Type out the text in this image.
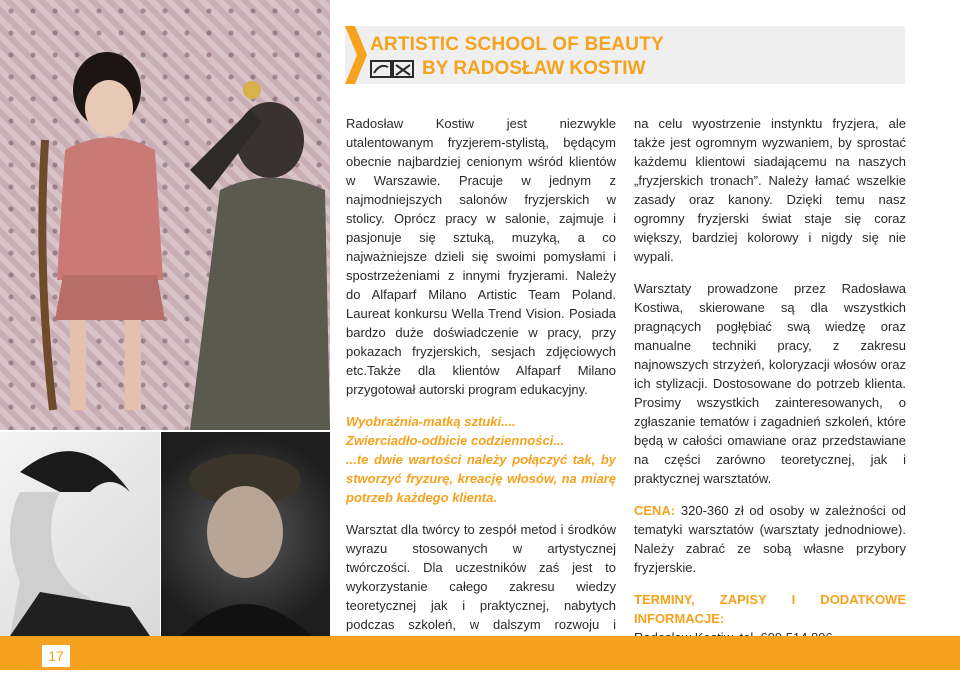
ARTISTIC SCHOOL OF BEAUTY
BY RADOSŁAW KOSTIW

Radosław Kostiw jest niezwykle utalentowanym fryzjerem-stylistą, będącym obecnie najbardziej cenionym wśród klientów w Warszawie. Pracuje w jednym z najmodniejszych salonów fryzjerskich w stolicy. Oprócz pracy w salonie, zajmuje i pasjonuje się sztuką, muzyką, a co najważniejsze dzieli się swoimi pomysłami i spostrzeżeniami z innymi fryzjerami. Należy do Alfaparf Milano Artistic Team Poland. Laureat konkursu Wella Trend Vision. Posiada bardzo duże doświadczenie w pracy, przy pokazach fryzjerskich, sesjach zdjęciowych etc.Także dla klientów Alfaparf Milano przygotował autorski program edukacyjny.

Wyobraźnia-matką sztuki....
Zwierciadło-odbicie codzienności...
...te dwie wartości należy połączyć tak, by stworzyć fryzurę, kreację włosów, na miarę potrzeb każdego klienta.

Warsztat dla twórcy to zespół metod i środków wyrazu stosowanych w artystycznej twórczości. Dla uczestników zaś jest to wykorzystanie całego zakresu wiedzy teoretycznej jak i praktycznej, nabytych podczas szkoleń, w dalszym rozwoju i

na celu wyostrzenie instynktu fryzjera, ale także jest ogromnym wyzwaniem, by sprostać każdemu klientowi siadającemu na naszych „fryzjerskich tronach”. Należy łamać wszelkie zasady oraz kanony. Dzięki temu nasz ogromny fryzjerski świat staje się coraz większy, bardziej kolorowy i nigdy się nie wypali.

Warsztaty prowadzone przez Radosława Kostiwa, skierowane są dla wszystkich pragnących pogłębiać swą wiedzę oraz manualne techniki pracy, z zakresu najnowszych strzyżeń, koloryzacji włosów oraz ich stylizacji. Dostosowane do potrzeb klienta. Prosimy wszystkich zainteresowanych, o zgłaszanie tematów i zagadnień szkoleń, które będą w całości omawiane oraz przedstawiane na części zarówno teoretycznej, jak i praktycznej warsztatów.

CENA: 320-360 zł od osoby w zależności od tematyki warsztatów (warsztaty jednodniowe). Należy zabrać ze sobą własne przybory fryzjerskie.

TERMINY, ZAPISY I DODATKOWE INFORMACJE:

17
